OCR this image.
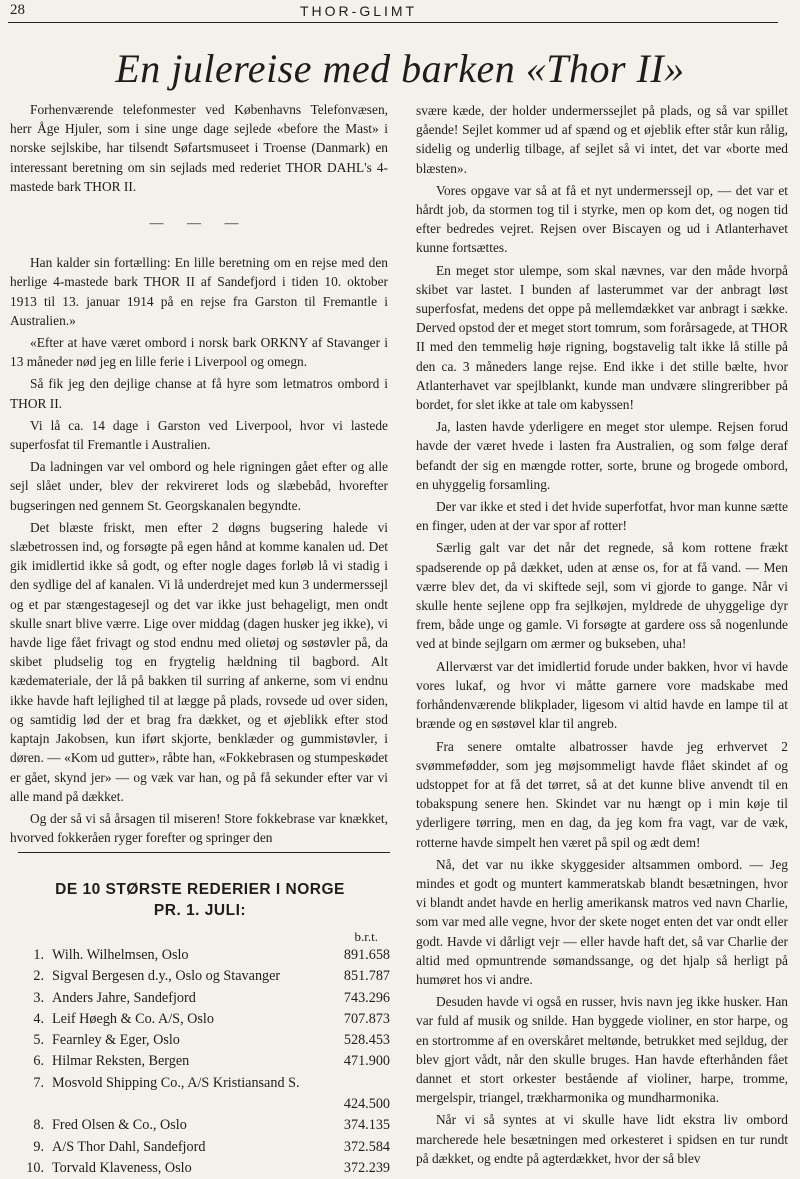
28	THOR-GLIMT
En julereise med barken «Thor II»

Forhenværende telefonmester ved Københavns Telefonvæsen, herr Åge Hjuler, som i sine unge dage sejlede «before the Mast» i norske sejlskibe, har tilsendt Søfartsmuseet i Troense (Danmark) en interessant beretning om sin sejlads med rederiet THOR DAHL's 4-mastede bark THOR II.

— — —

Han kalder sin fortælling: En lille beretning om en rejse med den herlige 4-mastede bark THOR II af Sandefjord i tiden 10. oktober 1913 til 13. januar 1914 på en rejse fra Garston til Fremantle i Australien.»

«Efter at have været ombord i norsk bark ORKNY af Stavanger i 13 måneder nød jeg en lille ferie i Liverpool og omegn.

Så fik jeg den dejlige chanse at få hyre som letmatros ombord i THOR II.

Vi lå ca. 14 dage i Garston ved Liverpool, hvor vi lastede superfosfat til Fremantle i Australien.

Da ladningen var vel ombord og hele rigningen gået efter og alle sejl slået under, blev der rekvireret lods og slæbebåd, hvorefter bugseringen ned gennem St. Georgskanalen begyndte.

Det blæste friskt, men efter 2 døgns bugsering halede vi slæbetrossen ind, og forsøgte på egen hånd at komme kanalen ud. Det gik imidlertid ikke så godt, og efter nogle dages forløb lå vi stadig i den sydlige del af kanalen. Vi lå underdrejet med kun 3 undermerssejl og et par stængestagesejl og det var ikke just behageligt, men ondt skulle snart blive værre. Lige over middag (dagen husker jeg ikke), vi havde lige fået frivagt og stod endnu med olietøj og søstøvler på, da skibet pludselig tog en frygtelig hældning til bagbord. Alt kædemateriale, der lå på bakken til surring af ankerne, som vi endnu ikke havde haft lejlighed til at lægge på plads, rovsede ud over siden, og samtidig lød der et brag fra dækket, og et øjeblikk efter stod kaptajn Jakobsen, kun iført skjorte, benklæder og gummistøvler, i døren. — «Kom ud gutter», råbte han, «Fokkebrasen og stumpeskødet er gået, skynd jer» — og væk var han, og på få sekunder efter var vi alle mand på dækket.

Og der så vi så årsagen til miseren! Store fokkebrase var knækket, hvorved fokkeråen ryger forefter og springer den

svære kæde, der holder undermerssejlet på plads, og så var spillet gående! Sejlet kommer ud af spænd og et øjeblik efter står kun rålig, sidelig og underlig tilbage, af sejlet så vi intet, det var «borte med blæsten».

Vores opgave var så at få et nyt undermerssejl op, — det var et hårdt job, da stormen tog til i styrke, men op kom det, og nogen tid efter bedredes vejret. Rejsen over Biscayen og ud i Atlanterhavet kunne fortsættes.

En meget stor ulempe, som skal nævnes, var den måde hvorpå skibet var lastet. I bunden af lasterummet var der anbragt løst superfosfat, medens det oppe på mellemdækket var anbragt i sække. Derved opstod der et meget stort tomrum, som forårsagede, at THOR II med den temmelig høje rigning, bogstavelig talt ikke lå stille på den ca. 3 måneders lange rejse. End ikke i det stille bælte, hvor Atlanterhavet var spejlblankt, kunde man undvære slingreribber på bordet, for slet ikke at tale om kabyssen!

Ja, lasten havde yderligere en meget stor ulempe. Rejsen forud havde der været hvede i lasten fra Australien, og som følge deraf befandt der sig en mængde rotter, sorte, brune og brogede ombord, en uhyggelig forsamling.

Der var ikke et sted i det hvide superfotfat, hvor man kunne sætte en finger, uden at der var spor af rotter!

Særlig galt var det når det regnede, så kom rottene frækt spadserende op på dækket, uden at ænse os, for at få vand. — Men værre blev det, da vi skiftede sejl, som vi gjorde to gange. Når vi skulle hente sejlene opp fra sejlkøjen, myldrede de uhyggelige dyr frem, både unge og gamle. Vi forsøgte at gardere oss så nogenlunde ved at binde sejlgarn om ærmer og bukseben, uha!

Allerværst var det imidlertid forude under bakken, hvor vi havde vores lukaf, og hvor vi måtte garnere vore madskabe med forhåndenværende blikplader, ligesom vi altid havde en lampe til at brænde og en søstøvel klar til angreb.

Fra senere omtalte albatrosser havde jeg erhvervet 2 svømmefødder, som jeg møjsommeligt havde flået skindet af og udstoppet for at få det tørret, så at det kunne blive anvendt til en tobakspung senere hen. Skindet var nu hængt op i min køje til yderligere tørring, men en dag, da jeg kom fra vagt, var de væk, rotterne havde simpelt hen været på spil og ædt dem!

Nå, det var nu ikke skyggesider altsammen ombord. — Jeg mindes et godt og muntert kammeratskab blandt besætningen, hvor vi blandt andet havde en herlig amerikansk matros ved navn Charlie, som var med alle vegne, hvor der skete noget enten det var ondt eller godt. Havde vi dårligt vejr — eller havde haft det, så var Charlie der altid med opmuntrende sømandssange, og det hjalp så herligt på humøret hos vi andre.

Desuden havde vi også en russer, hvis navn jeg ikke husker. Han var fuld af musik og snilde. Han byggede violiner, en stor harpe, og en stortromme af en overskåret meltønde, betrukket med sejldug, der blev gjort vådt, når den skulle bruges. Han havde efterhånden fået dannet et stort orkester bestående af violiner, harpe, tromme, mergelspir, triangel, trækharmonika og mundharmonika.

Når vi så syntes at vi skulle have lidt ekstra liv ombord marcherede hele besætningen med orkesteret i spidsen en tur rundt på dækket, og endte på agterdækket, hvor der så blev

DE 10 STØRSTE REDERIER I NORGE
PR. 1. JULI:
b.r.t.
1. Wilh. Wilhelmsen, Oslo	891.658
2. Sigval Bergesen d.y., Oslo og Stavanger	851.787
3. Anders Jahre, Sandefjord	743.296
4. Leif Høegh & Co. A/S, Oslo	707.873
5. Fearnley & Eger, Oslo	528.453
6. Hilmar Reksten, Bergen	471.900
7. Mosvold Shipping Co., A/S Kristiansand S.
424.500
8. Fred Olsen & Co., Oslo	374.135
9. A/S Thor Dahl, Sandefjord	372.584
10. Torvald Klaveness, Oslo	372.239
